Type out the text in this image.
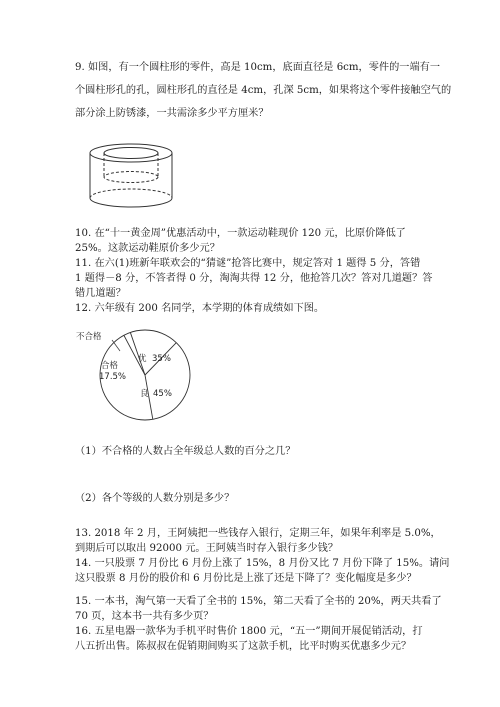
9. 如图，有一个圆柱形的零件，高是 10cm，底面直径是 6cm，零件的一端有一
个圆柱形孔的孔，圆柱形孔的直径是 4cm，孔深 5cm，如果将这个零件接触空气的
部分涂上防锈漆，一共需涂多少平方厘米？
10. 在“十一黄金周”优惠活动中，一款运动鞋现价 120 元，比原价降低了
25%。这款运动鞋原价多少元？
11. 在六(1)班新年联欢会的“猜谜”抢答比赛中，规定答对 1 题得 5 分，答错
1 题得－8 分，不答者得 0 分，淘淘共得 12 分，他抢答几次？答对几道题？答
错几道题？
12. 六年级有 200 名同学，本学期的体育成绩如下图。
不合格
合格
17.5%
优 35%
良 45%
（1）不合格的人数占全年级总人数的百分之几？
（2）各个等级的人数分别是多少？
13. 2018 年 2 月，王阿姨把一些钱存入银行，定期三年，如果年利率是 5.0%，
到期后可以取出 92000 元。王阿姨当时存入银行多少钱？
14. 一只股票 7 月份比 6 月份上涨了 15%，8 月份又比 7 月份下降了 15%。请问
这只股票 8 月份的股价和 6 月份比是上涨了还是下降了？变化幅度是多少？
15. 一本书，淘气第一天看了全书的 15%，第二天看了全书的 20%，两天共看了
70 页，这本书一共有多少页？
16. 五星电器一款华为手机平时售价 1800 元，“五一”期间开展促销活动，打
八五折出售。陈叔叔在促销期间购买了这款手机，比平时购买优惠多少元？
